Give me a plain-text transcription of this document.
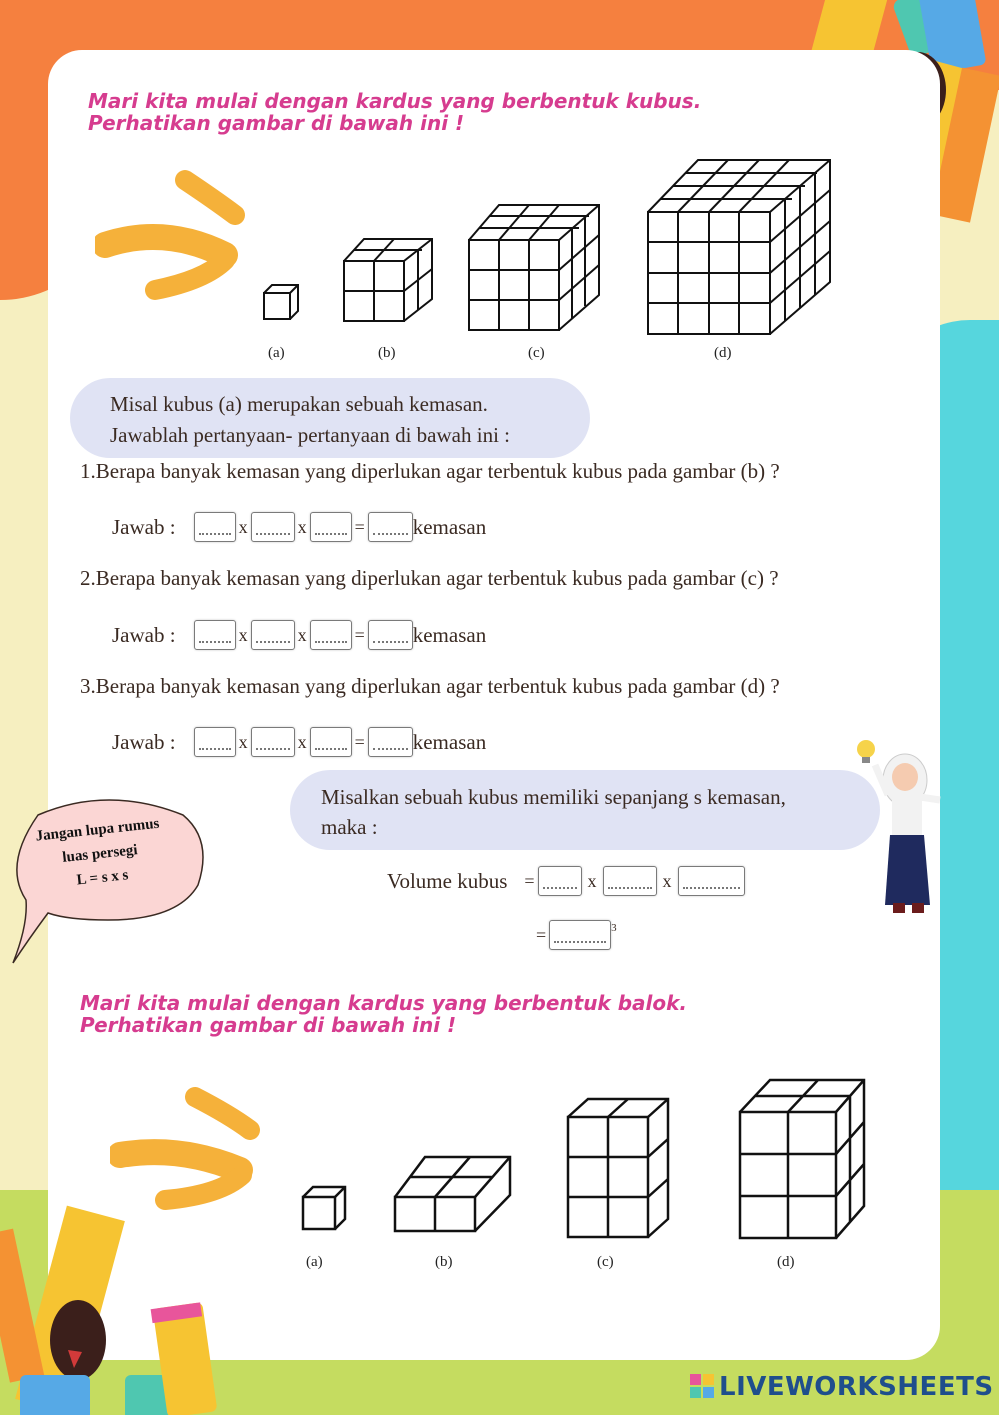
Mari kita mulai dengan kardus yang berbentuk kubus.
Perhatikan gambar di bawah ini !
(a)	(b)	(c)	(d)
Misal kubus (a) merupakan sebuah kemasan.
Jawablah pertanyaan- pertanyaan di bawah ini :
1.Berapa banyak kemasan yang diperlukan agar terbentuk kubus pada gambar (b) ?
Jawab :	x	x	= kemasan
2.Berapa banyak kemasan yang diperlukan agar terbentuk kubus pada gambar (c) ?
Jawab :	x	x	= kemasan
3.Berapa banyak kemasan yang diperlukan agar terbentuk kubus pada gambar (d) ?
Jawab :	x	x	= kemasan
Misalkan sebuah kubus memiliki sepanjang s kemasan,
maka :
Volume kubus =	x	x
=	3
Jangan lupa rumus
luas persegi
L = s x s
Mari kita mulai dengan kardus yang berbentuk balok.
Perhatikan gambar di bawah ini !
(a)	(b)	(c)	(d)
LIVEWORKSHEETS
